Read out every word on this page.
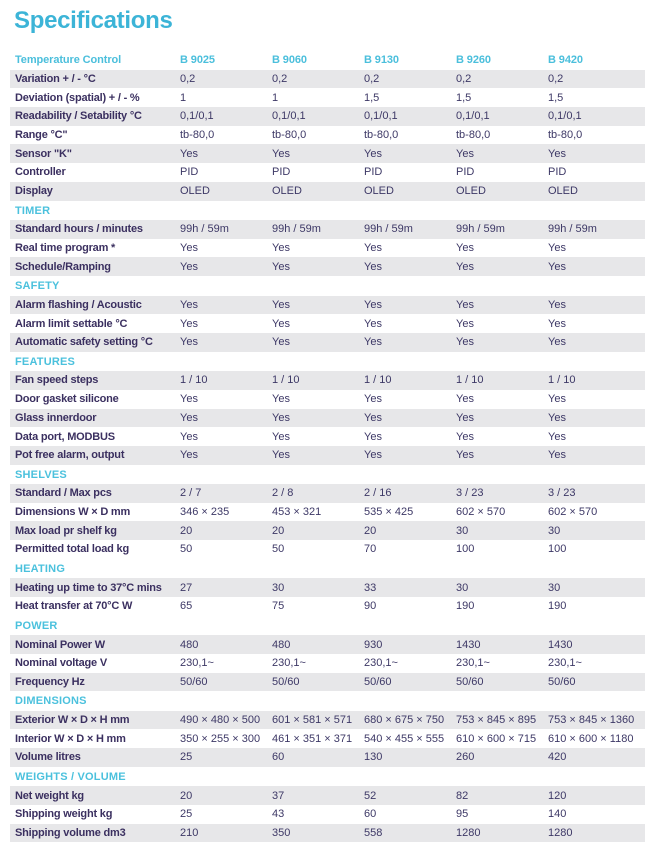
Specifications
Temperature Control	B 9025	B 9060	B 9130	B 9260	B 9420
Variation + / - °C	0,2	0,2	0,2	0,2	0,2
Deviation (spatial) + / - %	1	1	1,5	1,5	1,5
Readability / Setability °C	0,1/0,1	0,1/0,1	0,1/0,1	0,1/0,1	0,1/0,1
Range °C"	tb-80,0	tb-80,0	tb-80,0	tb-80,0	tb-80,0
Sensor "K"	Yes	Yes	Yes	Yes	Yes
Controller	PID	PID	PID	PID	PID
Display	OLED	OLED	OLED	OLED	OLED
TIMER
Standard hours / minutes	99h / 59m	99h / 59m	99h / 59m	99h / 59m	99h / 59m
Real time program *	Yes	Yes	Yes	Yes	Yes
Schedule/Ramping	Yes	Yes	Yes	Yes	Yes
SAFETY
Alarm flashing / Acoustic	Yes	Yes	Yes	Yes	Yes
Alarm limit settable °C	Yes	Yes	Yes	Yes	Yes
Automatic safety setting °C	Yes	Yes	Yes	Yes	Yes
FEATURES
Fan speed steps	1 / 10	1 / 10	1 / 10	1 / 10	1 / 10
Door gasket silicone	Yes	Yes	Yes	Yes	Yes
Glass innerdoor	Yes	Yes	Yes	Yes	Yes
Data port, MODBUS	Yes	Yes	Yes	Yes	Yes
Pot free alarm, output	Yes	Yes	Yes	Yes	Yes
SHELVES
Standard / Max pcs	2 / 7	2 / 8	2 / 16	3 / 23	3 / 23
Dimensions W × D mm	346 × 235	453 × 321	535 × 425	602 × 570	602 × 570
Max load pr shelf kg	20	20	20	30	30
Permitted total load kg	50	50	70	100	100
HEATING
Heating up time to 37°C mins	27	30	33	30	30
Heat transfer at 70°C W	65	75	90	190	190
POWER
Nominal Power W	480	480	930	1430	1430
Nominal voltage V	230,1~	230,1~	230,1~	230,1~	230,1~
Frequency Hz	50/60	50/60	50/60	50/60	50/60
DIMENSIONS
Exterior W × D × H mm	490 × 480 × 500	601 × 581 × 571	680 × 675 × 750	753 × 845 × 895	753 × 845 × 1360
Interior W × D × H mm	350 × 255 × 300	461 × 351 × 371	540 × 455 × 555	610 × 600 × 715	610 × 600 × 1180
Volume litres	25	60	130	260	420
WEIGHTS / VOLUME
Net weight kg	20	37	52	82	120
Shipping weight kg	25	43	60	95	140
Shipping volume dm3	210	350	558	1280	1280
